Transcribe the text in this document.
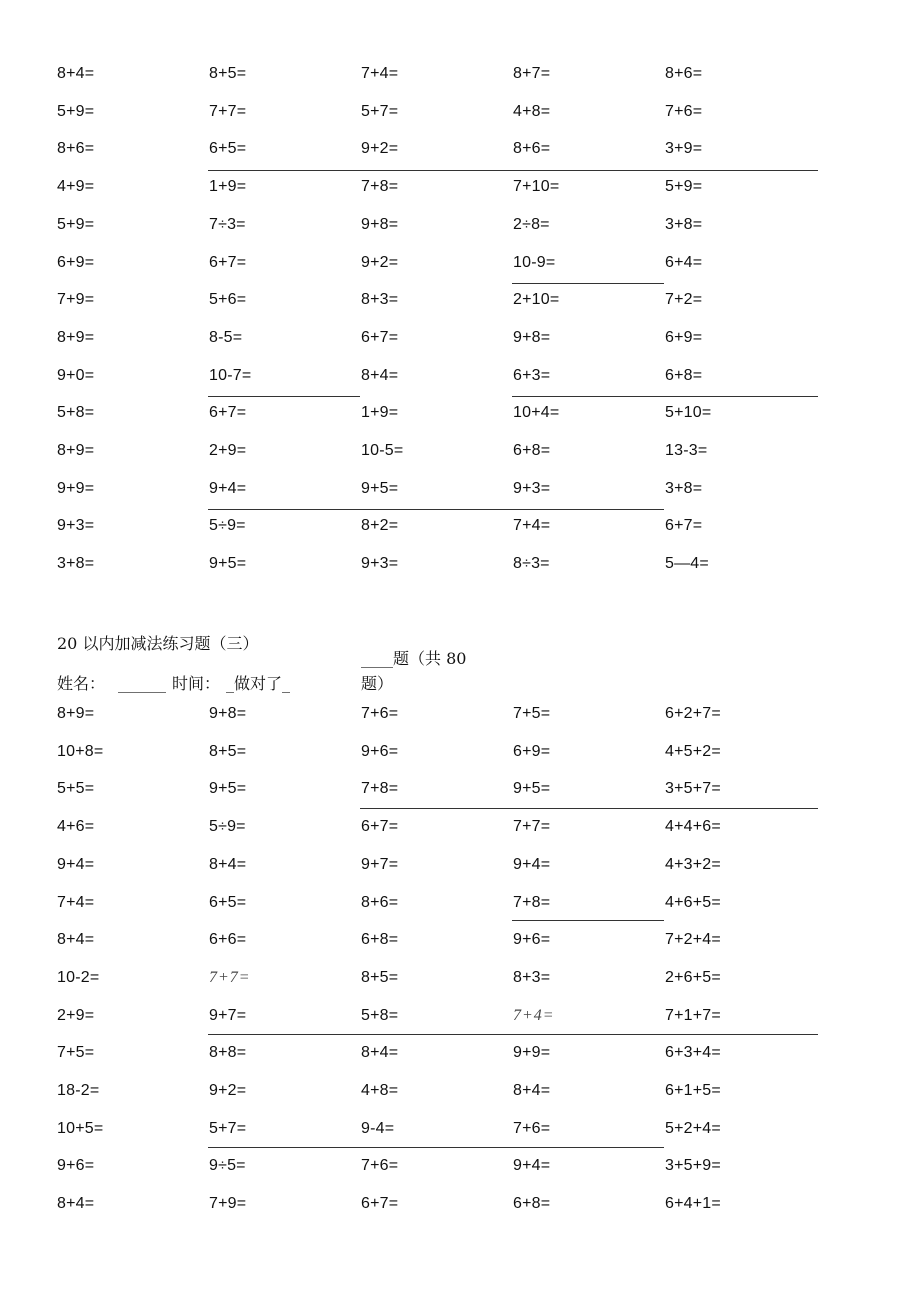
8+4=	8+5=	7+4=	8+7=	8+6=
5+9=	7+7=	5+7=	4+8=	7+6=
8+6=	6+5=	9+2=	8+6=	3+9=
4+9=	1+9=	7+8=	7+10=	5+9=
5+9=	7÷3=	9+8=	2÷8=	3+8=
6+9=	6+7=	9+2=	10-9=	6+4=
7+9=	5+6=	8+3=	2+10=	7+2=
8+9=	8-5=	6+7=	9+8=	6+9=
9+0=	10-7=	8+4=	6+3=	6+8=
5+8=	6+7=	1+9=	10+4=	5+10=
8+9=	2+9=	10-5=	6+8=	13-3=
9+9=	9+4=	9+5=	9+3=	3+8=
9+3=	5÷9=	8+2=	7+4=	6+7=
3+8=	9+5=	9+3=	8÷3=	5—4=
20 以内加减法练习题（三）
姓名： ______ 时间： _做对了_
____题（共 80
题）
8+9=	9+8=	7+6=	7+5=	6+2+7=
10+8=	8+5=	9+6=	6+9=	4+5+2=
5+5=	9+5=	7+8=	9+5=	3+5+7=
4+6=	5÷9=	6+7=	7+7=	4+4+6=
9+4=	8+4=	9+7=	9+4=	4+3+2=
7+4=	6+5=	8+6=	7+8=	4+6+5=
8+4=	6+6=	6+8=	9+6=	7+2+4=
10-2=	7+7=	8+5=	8+3=	2+6+5=
2+9=	9+7=	5+8=	7+4=	7+1+7=
7+5=	8+8=	8+4=	9+9=	6+3+4=
18-2=	9+2=	4+8=	8+4=	6+1+5=
10+5=	5+7=	9-4=	7+6=	5+2+4=
9+6=	9÷5=	7+6=	9+4=	3+5+9=
8+4=	7+9=	6+7=	6+8=	6+4+1=
